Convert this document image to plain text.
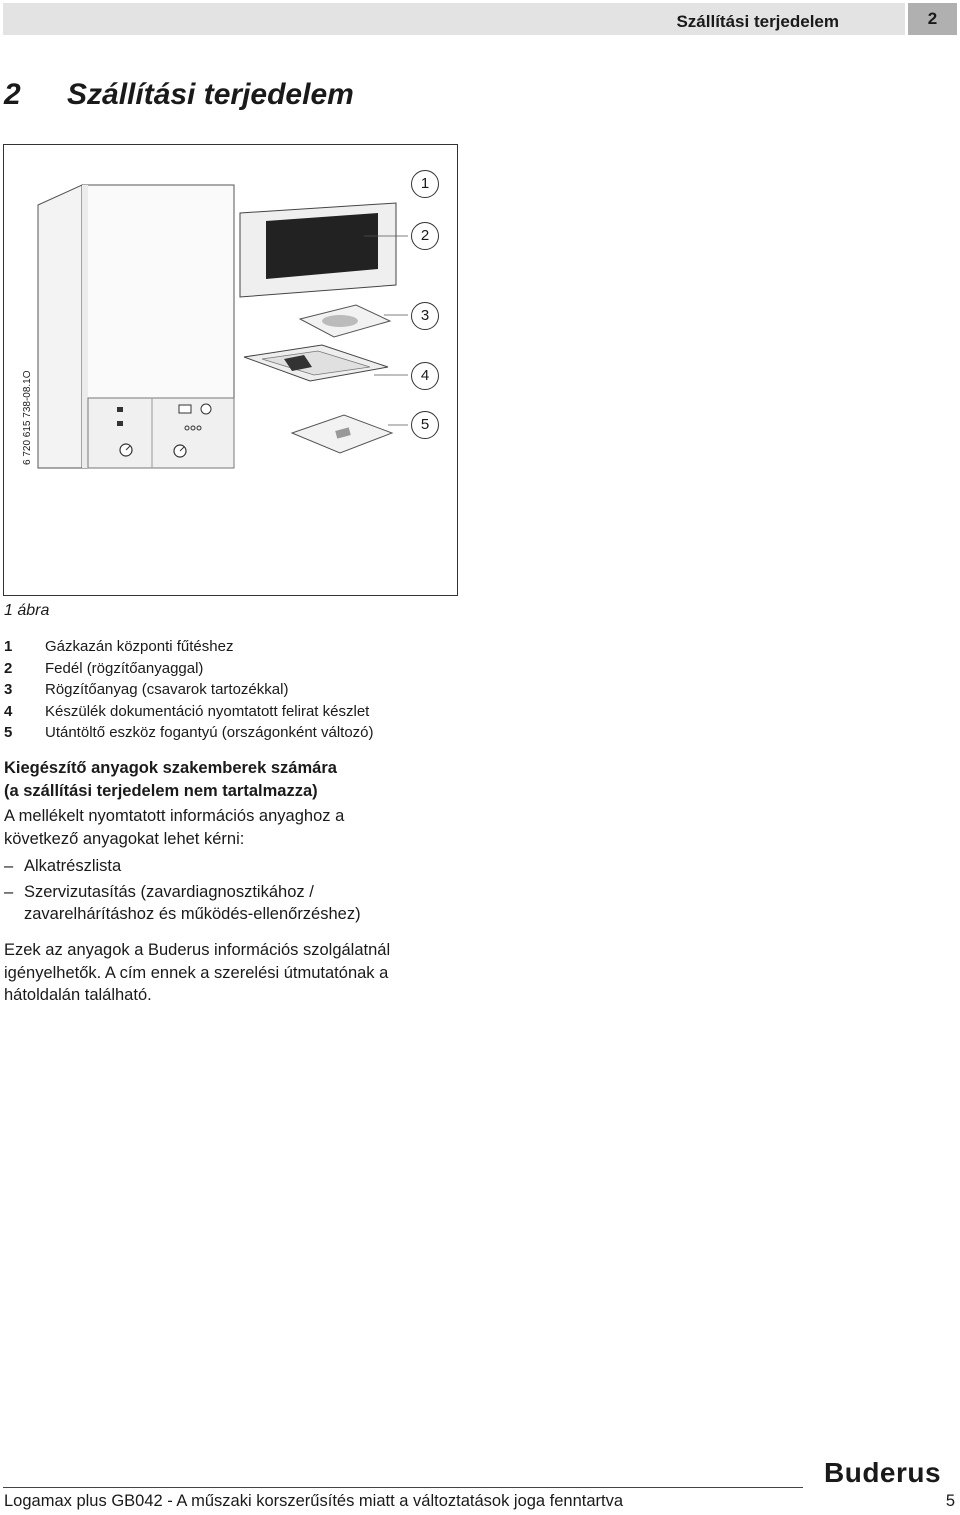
Szállítási terjedelem	2
2 Szállítási terjedelem
6 720 615 738-08.1O
1
2
3
4
5
1 ábra
1	Gázkazán központi fűtéshez
2	Fedél (rögzítőanyaggal)
3	Rögzítőanyag (csavarok tartozékkal)
4	Készülék dokumentáció nyomtatott felirat készlet
5	Utántöltő eszköz fogantyú (országonként változó)
Kiegészítő anyagok szakemberek számára
(a szállítási terjedelem nem tartalmazza)
A mellékelt nyomtatott információs anyaghoz a
következő anyagokat lehet kérni:
– Alkatrészlista
– Szervizutasítás (zavardiagnosztikához /
zavarelhárításhoz és működés-ellenőrzéshez)
Ezek az anyagok a Buderus információs szolgálatnál
igényelhetők. A cím ennek a szerelési útmutatónak a
hátoldalán található.
Buderus
Logamax plus GB042 - A műszaki korszerűsítés miatt a változtatások joga fenntartva	5
